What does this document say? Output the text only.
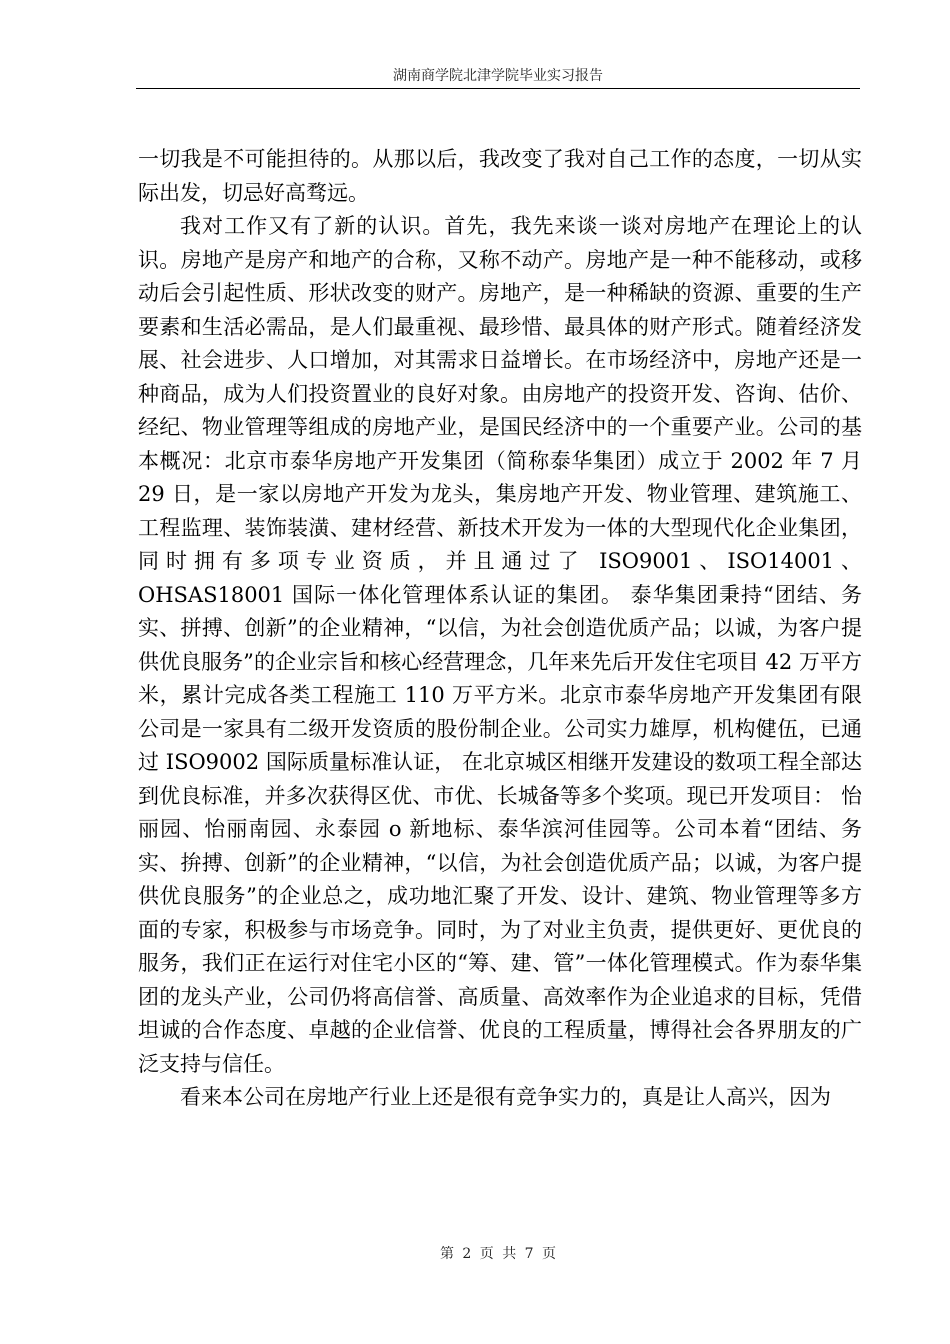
湖南商学院北津学院毕业实习报告

一切我是不可能担待的。从那以后，我改变了我对自己工作的态度，一切从实际出发，切忌好高骛远。

我对工作又有了新的认识。首先，我先来谈一谈对房地产在理论上的认识。房地产是房产和地产的合称，又称不动产。房地产是一种不能移动，或移动后会引起性质、形状改变的财产。房地产，是一种稀缺的资源、重要的生产要素和生活必需品，是人们最重视、最珍惜、最具体的财产形式。随着经济发展、社会进步、人口增加，对其需求日益增长。在市场经济中，房地产还是一种商品，成为人们投资置业的良好对象。由房地产的投资开发、咨询、估价、经纪、物业管理等组成的房地产业，是国民经济中的一个重要产业。公司的基本概况：北京市泰华房地产开发集团（简称泰华集团）成立于 2002 年 7 月 29 日，是一家以房地产开发为龙头，集房地产开发、物业管理、建筑施工、工程监理、装饰装潢、建材经营、新技术开发为一体的大型现代化企业集团，同时拥有多项专业资质，并且通过了 ISO9001、ISO14001、OHSAS18001 国际一体化管理体系认证的集团。 泰华集团秉持“团结、务实、拼搏、创新”的企业精神，“以信，为社会创造优质产品；以诚，为客户提供优良服务”的企业宗旨和核心经营理念，几年来先后开发住宅项目 42 万平方米，累计完成各类工程施工 110 万平方米。北京市泰华房地产开发集团有限公司是一家具有二级开发资质的股份制企业。公司实力雄厚，机构健伍，已通过 ISO9002 国际质量标准认证， 在北京城区相继开发建设的数项工程全部达到优良标准，并多次获得区优、市优、长城备等多个奖项。现已开发项目： 怡丽园、怡丽南园、永泰园 o 新地标、泰华滨河佳园等。公司本着“团结、务实、拚搏、创新”的企业精神，“以信，为社会创造优质产品；以诚，为客户提供优良服务”的企业总之，成功地汇聚了开发、设计、建筑、物业管理等多方面的专家，积极参与市场竞争。同时，为了对业主负责，提供更好、更优良的服务，我们正在运行对住宅小区的“筹、建、管”一体化管理模式。作为泰华集团的龙头产业，公司仍将高信誉、高质量、高效率作为企业追求的目标，凭借坦诚的合作态度、卓越的企业信誉、优良的工程质量，博得社会各界朋友的广泛支持与信任。

看来本公司在房地产行业上还是很有竞争实力的，真是让人高兴，因为

第 2 页 共 7 页
